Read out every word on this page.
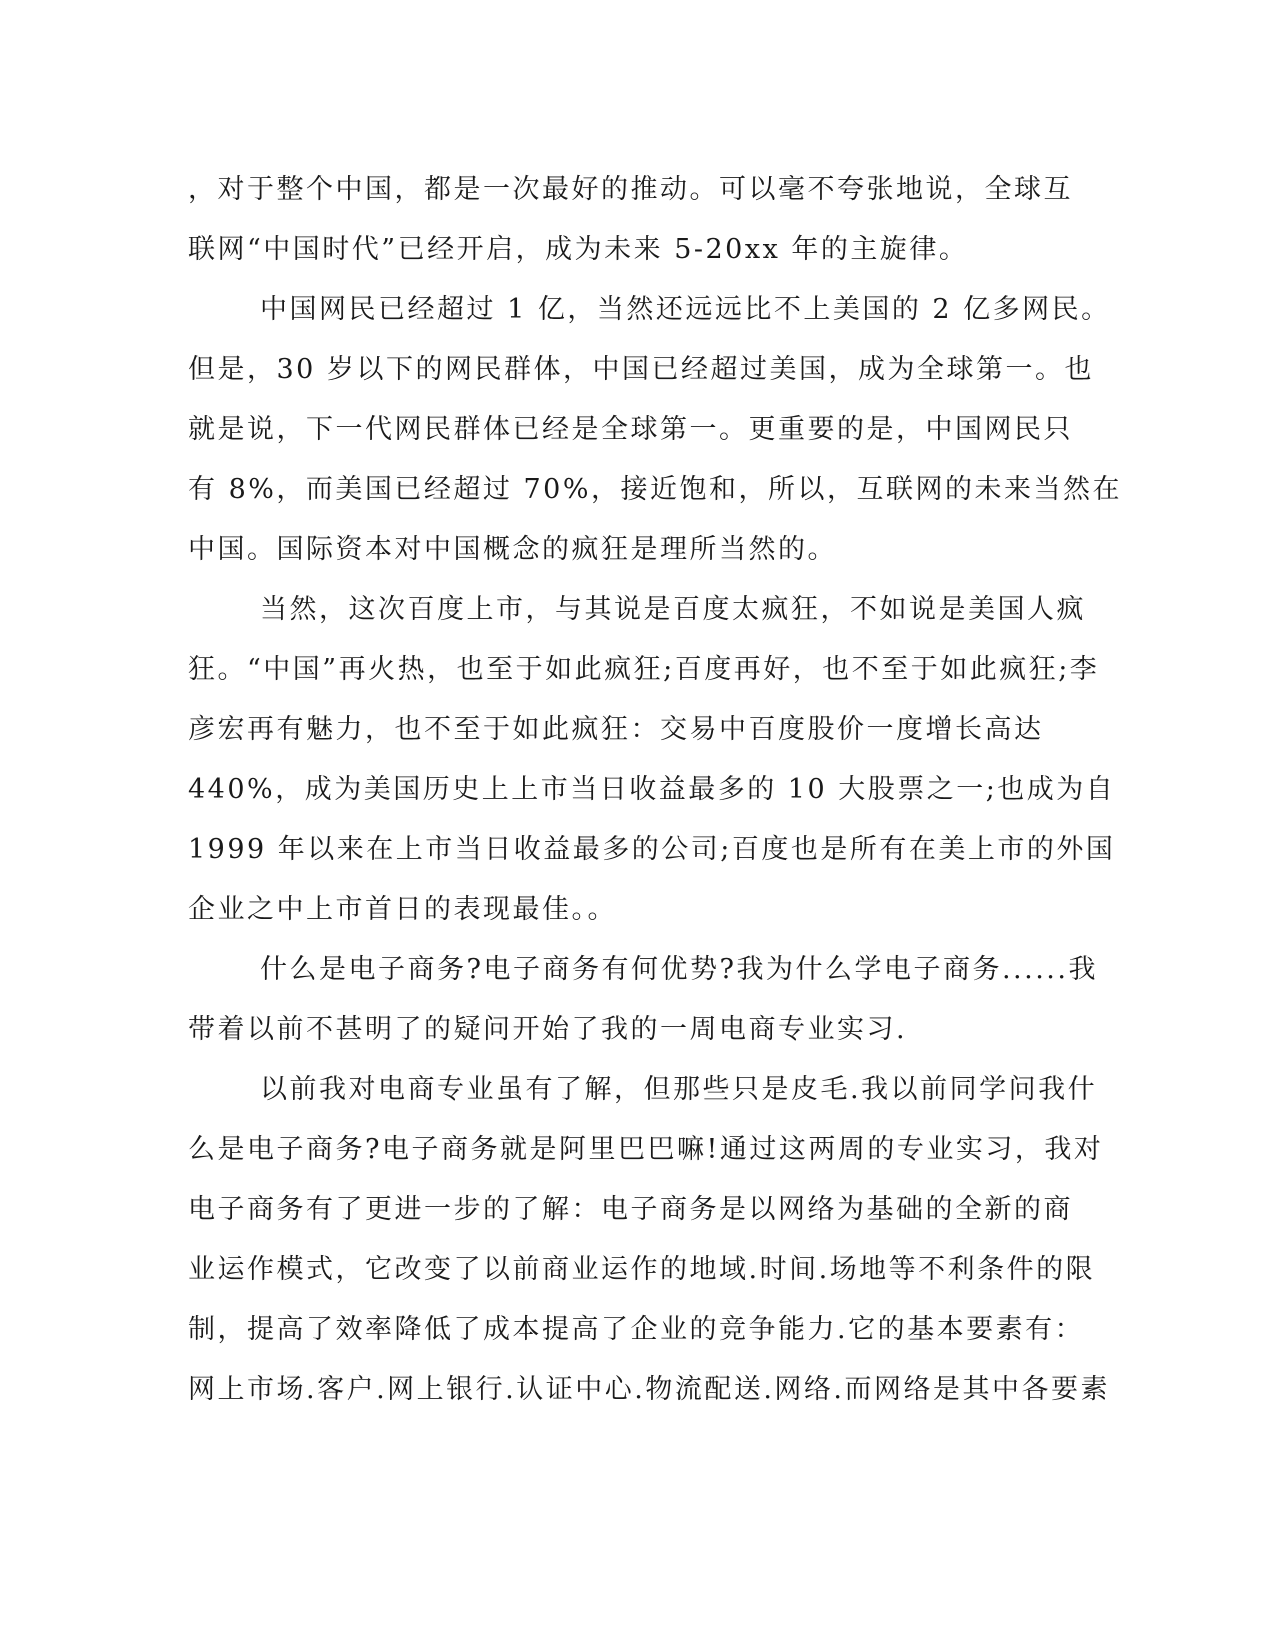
，对于整个中国，都是一次最好的推动。可以毫不夸张地说，全球互
联网“中国时代”已经开启，成为未来 5-20xx 年的主旋律。
中国网民已经超过 1 亿，当然还远远比不上美国的 2 亿多网民。
但是，30 岁以下的网民群体，中国已经超过美国，成为全球第一。也
就是说，下一代网民群体已经是全球第一。更重要的是，中国网民只
有 8%，而美国已经超过 70%，接近饱和，所以，互联网的未来当然在
中国。国际资本对中国概念的疯狂是理所当然的。
当然，这次百度上市，与其说是百度太疯狂，不如说是美国人疯
狂。“中国”再火热，也至于如此疯狂;百度再好，也不至于如此疯狂;李
彦宏再有魅力，也不至于如此疯狂：交易中百度股价一度增长高达
440%，成为美国历史上上市当日收益最多的 10 大股票之一;也成为自
1999 年以来在上市当日收益最多的公司;百度也是所有在美上市的外国
企业之中上市首日的表现最佳。。
什么是电子商务?电子商务有何优势?我为什么学电子商务......我
带着以前不甚明了的疑问开始了我的一周电商专业实习.
以前我对电商专业虽有了解，但那些只是皮毛.我以前同学问我什
么是电子商务?电子商务就是阿里巴巴嘛!通过这两周的专业实习，我对
电子商务有了更进一步的了解：电子商务是以网络为基础的全新的商
业运作模式，它改变了以前商业运作的地域.时间.场地等不利条件的限
制，提高了效率降低了成本提高了企业的竞争能力.它的基本要素有：
网上市场.客户.网上银行.认证中心.物流配送.网络.而网络是其中各要素
